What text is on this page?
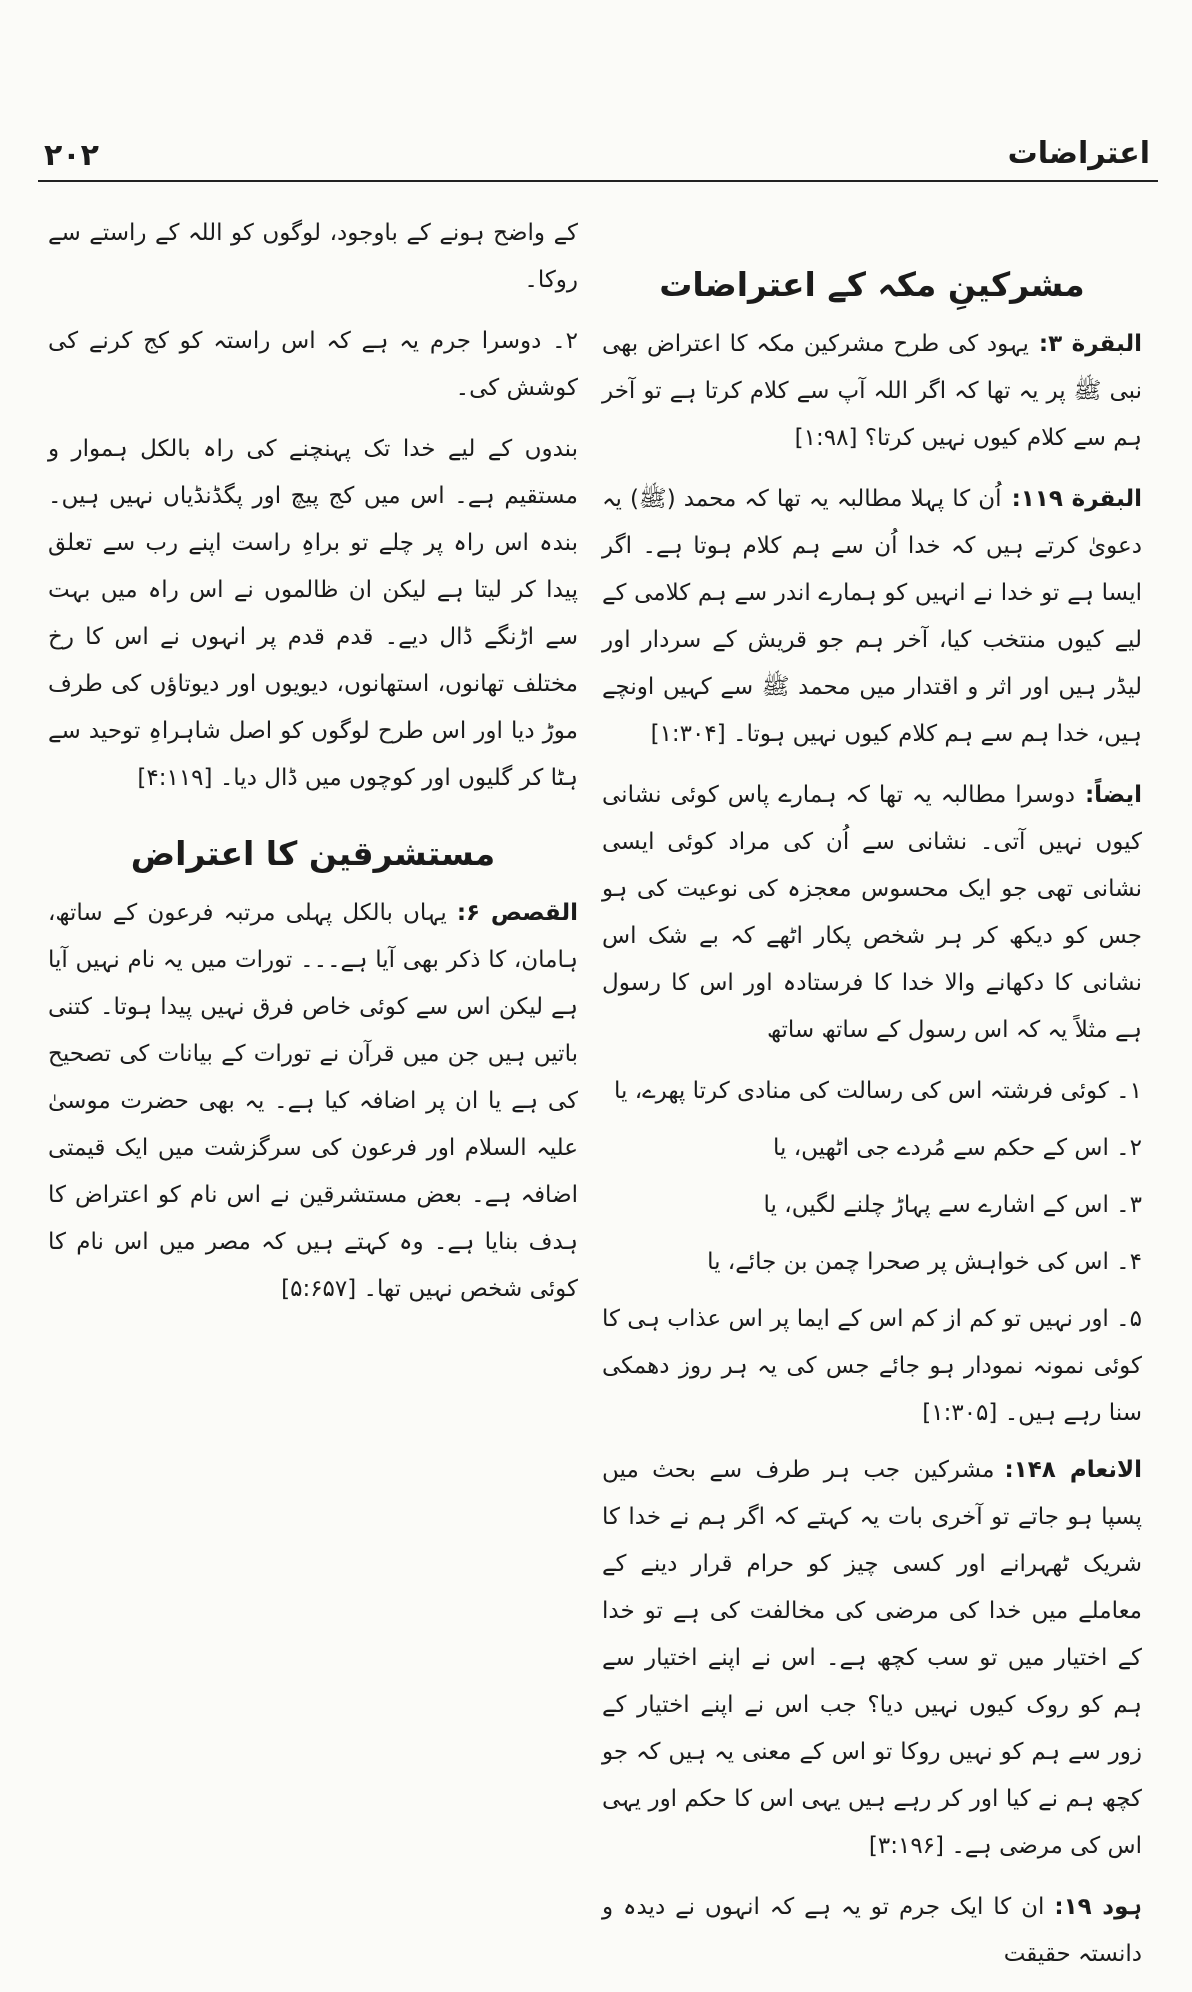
۲۰۲	اعتراضات
مشرکینِ مکہ کے اعتراضات

البقرة ۳:یہود کی طرح مشرکین مکہ کا اعتراض بھی نبی ﷺ پر یہ تھا کہ اگر اللہ آپ سے کلام کرتا ہے تو آخر ہم سے کلام کیوں نہیں کرتا؟ [۱:۹۸]

البقرة ۱۱۹:اُن کا پہلا مطالبہ یہ تھا کہ محمد (ﷺ) یہ دعویٰ کرتے ہیں کہ خدا اُن سے ہم کلام ہوتا ہے۔ اگر ایسا ہے تو خدا نے انہیں کو ہمارے اندر سے ہم کلامی کے لیے کیوں منتخب کیا، آخر ہم جو قریش کے سردار اور لیڈر ہیں اور اثر و اقتدار میں محمد ﷺ سے کہیں اونچے ہیں، خدا ہم سے ہم کلام کیوں نہیں ہوتا۔ [۱:۳۰۴]

ایضاً:دوسرا مطالبہ یہ تھا کہ ہمارے پاس کوئی نشانی کیوں نہیں آتی۔ نشانی سے اُن کی مراد کوئی ایسی نشانی تھی جو ایک محسوس معجزہ کی نوعیت کی ہو جس کو دیکھ کر ہر شخص پکار اٹھے کہ بے شک اس نشانی کا دکھانے والا خدا کا فرستادہ اور اس کا رسول ہے مثلاً یہ کہ اس رسول کے ساتھ ساتھ

۱۔ کوئی فرشتہ اس کی رسالت کی منادی کرتا پھرے، یا
۲۔ اس کے حکم سے مُردے جی اٹھیں، یا
۳۔ اس کے اشارے سے پہاڑ چلنے لگیں، یا
۴۔ اس کی خواہش پر صحرا چمن بن جائے، یا
۵۔ اور نہیں تو کم از کم اس کے ایما پر اس عذاب ہی کا کوئی نمونہ نمودار ہو جائے جس کی یہ ہر روز دھمکی سنا رہے ہیں۔ [۱:۳۰۵]

الانعام ۱۴۸:مشرکین جب ہر طرف سے بحث میں پسپا ہو جاتے تو آخری بات یہ کہتے کہ اگر ہم نے خدا کا شریک ٹھہرانے اور کسی چیز کو حرام قرار دینے کے معاملے میں خدا کی مرضی کی مخالفت کی ہے تو خدا کے اختیار میں تو سب کچھ ہے۔ اس نے اپنے اختیار سے ہم کو روک کیوں نہیں دیا؟ جب اس نے اپنے اختیار کے زور سے ہم کو نہیں روکا تو اس کے معنی یہ ہیں کہ جو کچھ ہم نے کیا اور کر رہے ہیں یہی اس کا حکم اور یہی اس کی مرضی ہے۔ [۳:۱۹۶]

ہود ۱۹:ان کا ایک جرم تو یہ ہے کہ انہوں نے دیدہ و دانستہ حقیقت

کے واضح ہونے کے باوجود، لوگوں کو اللہ کے راستے سے روکا۔

۲۔ دوسرا جرم یہ ہے کہ اس راستہ کو کج کرنے کی کوشش کی۔

بندوں کے لیے خدا تک پہنچنے کی راہ بالکل ہموار و مستقیم ہے۔ اس میں کج پیچ اور پگڈنڈیاں نہیں ہیں۔ بندہ اس راہ پر چلے تو براہِ راست اپنے رب سے تعلق پیدا کر لیتا ہے لیکن ان ظالموں نے اس راہ میں بہت سے اڑنگے ڈال دیے۔ قدم قدم پر انہوں نے اس کا رخ مختلف تھانوں، استھانوں، دیویوں اور دیوتاؤں کی طرف موڑ دیا اور اس طرح لوگوں کو اصل شاہراہِ توحید سے ہٹا کر گلیوں اور کوچوں میں ڈال دیا۔ [۴:۱۱۹]

مستشرقین کا اعتراض

القصص ۶:یہاں بالکل پہلی مرتبہ فرعون کے ساتھ، ہامان، کا ذکر بھی آیا ہے۔۔۔ تورات میں یہ نام نہیں آیا ہے لیکن اس سے کوئی خاص فرق نہیں پیدا ہوتا۔ کتنی باتیں ہیں جن میں قرآن نے تورات کے بیانات کی تصحیح کی ہے یا ان پر اضافہ کیا ہے۔ یہ بھی حضرت موسیٰ علیہ السلام اور فرعون کی سرگزشت میں ایک قیمتی اضافہ ہے۔ بعض مستشرقین نے اس نام کو اعتراض کا ہدف بنایا ہے۔ وہ کہتے ہیں کہ مصر میں اس نام کا کوئی شخص نہیں تھا۔ [۵:۶۵۷]
